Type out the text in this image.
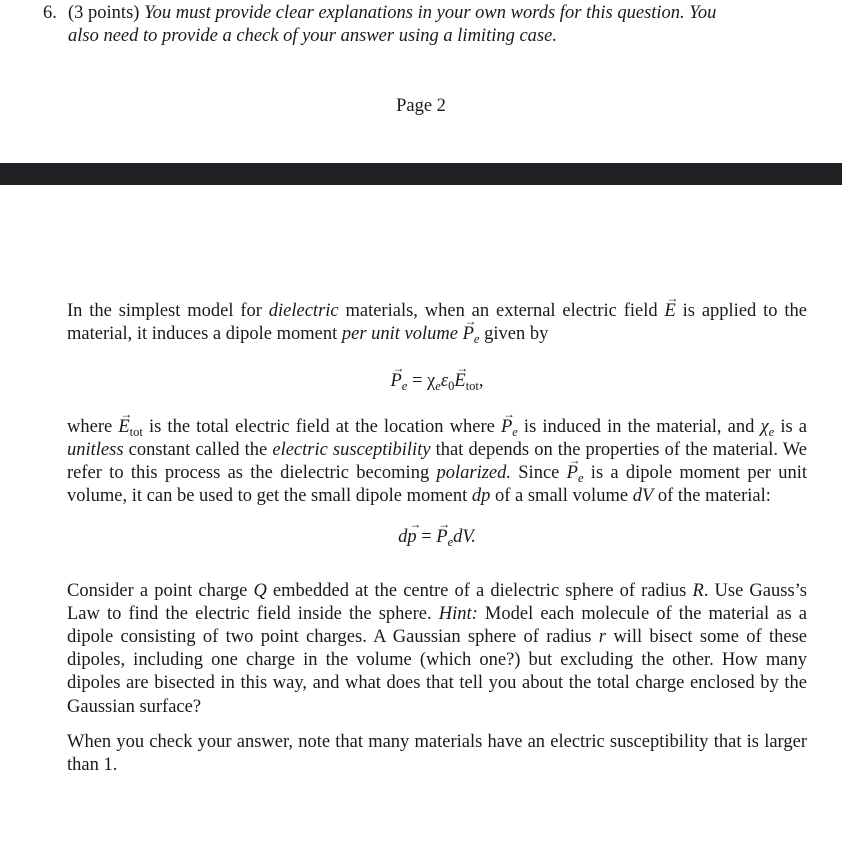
6. (3 points) You must provide clear explanations in your own words for this question. You
also need to provide a check of your answer using a limiting case.
Page 2

In the simplest model for dielectric materials, when an external electric field → E is applied to the material, it induces a dipole moment per unit volume → $P_e$ given by

→ $P_e = \chi_e\varepsilon_0\to E_{tot}$,

where → $E_{tot}$ is the total electric field at the location where → $P_e$ is induced in the material, and $\chi_e$ is a unitless constant called the electric susceptibility that depends on the properties of the material. We refer to this process as the dielectric becoming polarized. Since → $P_e$ is a dipole moment per unit volume, it can be used to get the small dipole moment dp of a small volume dV of the material:

d→ p = → $P_edV$.

Consider a point charge Q embedded at the centre of a dielectric sphere of radius R. Use Gauss’s Law to find the electric field inside the sphere. Hint: Model each molecule of the material as a dipole consisting of two point charges. A Gaussian sphere of radius r will bisect some of these dipoles, including one charge in the volume (which one?) but excluding the other. How many dipoles are bisected in this way, and what does that tell you about the total charge enclosed by the Gaussian surface?

When you check your answer, note that many materials have an electric susceptibility that is larger than 1.
